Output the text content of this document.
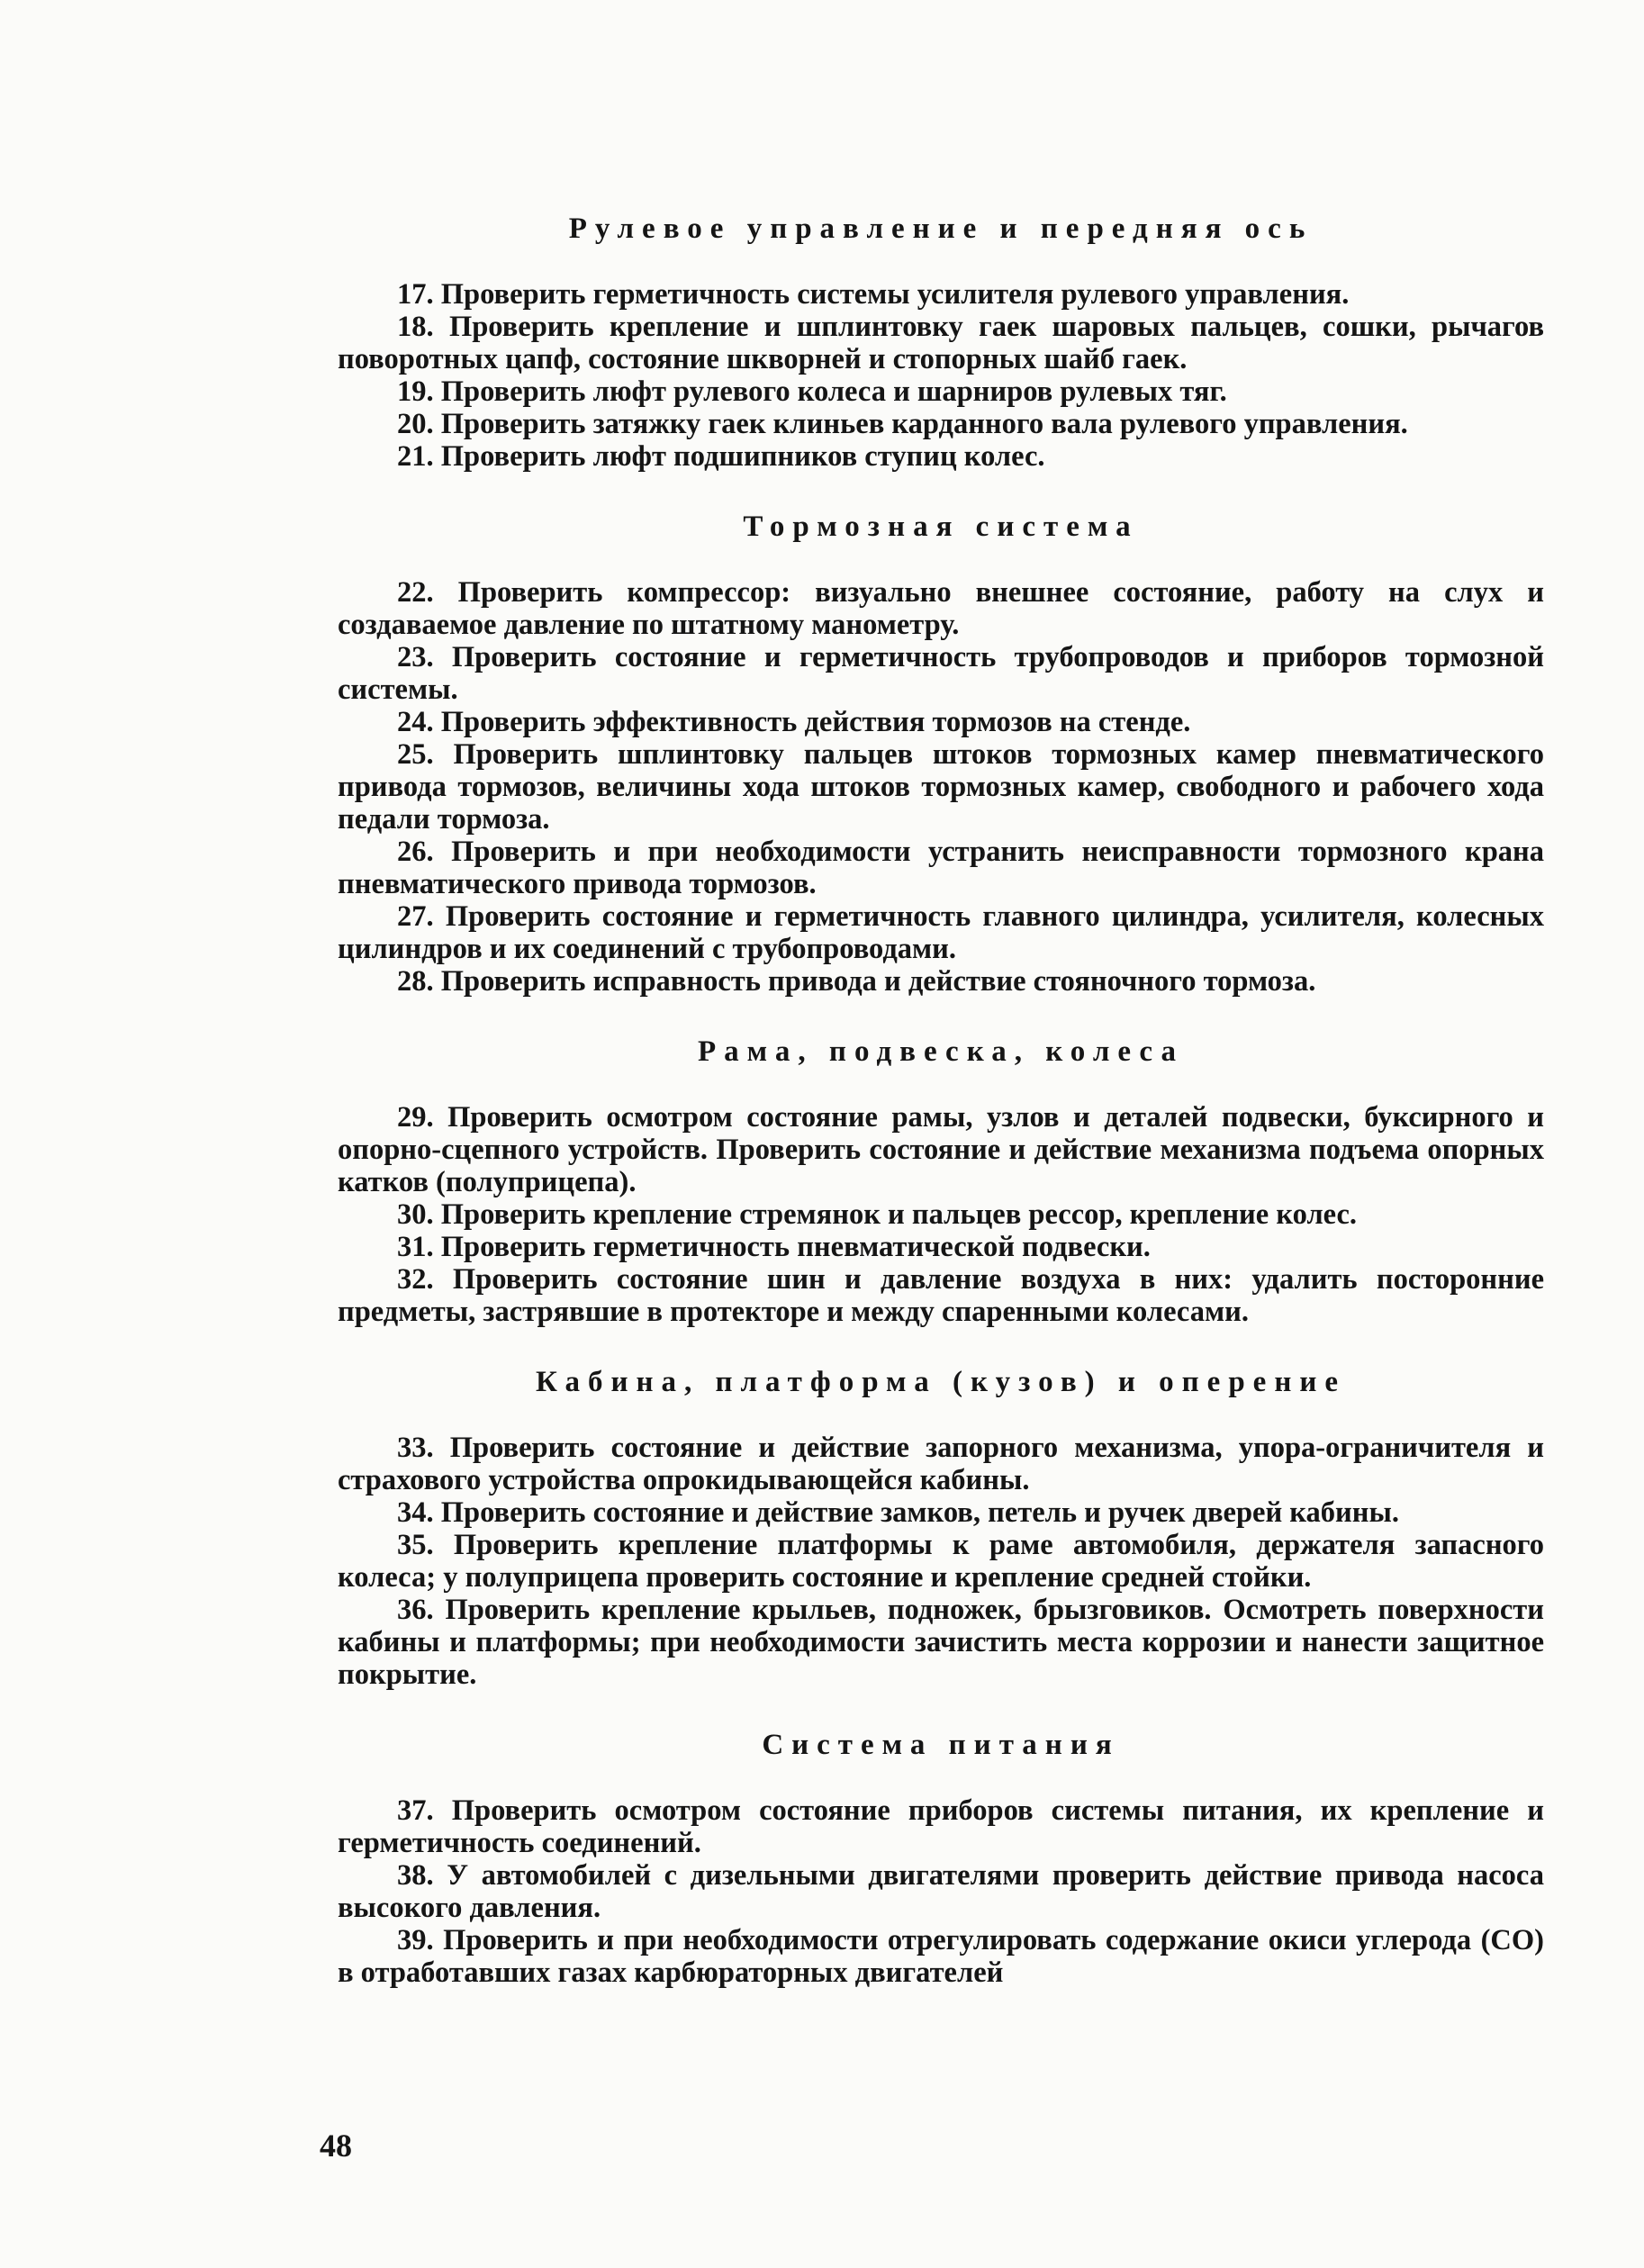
Рулевое управление и передняя ось

17. Проверить герметичность системы усилителя рулевого управления.

18. Проверить крепление и шплинтовку гаек шаровых пальцев, сошки, рычагов поворотных цапф, состояние шкворней и стопорных шайб гаек.

19. Проверить люфт рулевого колеса и шарниров рулевых тяг.

20. Проверить затяжку гаек клиньев карданного вала рулевого управления.

21. Проверить люфт подшипников ступиц колес.

Тормозная система

22. Проверить компрессор: визуально внешнее состояние, работу на слух и создаваемое давление по штатному манометру.

23. Проверить состояние и герметичность трубопроводов и приборов тормозной системы.

24. Проверить эффективность действия тормозов на стенде.

25. Проверить шплинтовку пальцев штоков тормозных камер пневматического привода тормозов, величины хода штоков тормозных камер, свободного и рабочего хода педали тормоза.

26. Проверить и при необходимости устранить неисправности тормозного крана пневматического привода тормозов.

27. Проверить состояние и герметичность главного цилиндра, усилителя, колесных цилиндров и их соединений с трубопроводами.

28. Проверить исправность привода и действие стояночного тормоза.

Рама, подвеска, колеса

29. Проверить осмотром состояние рамы, узлов и деталей подвески, буксирного и опорно-сцепного устройств. Проверить состояние и действие механизма подъема опорных катков (полуприцепа).

30. Проверить крепление стремянок и пальцев рессор, крепление колес.

31. Проверить герметичность пневматической подвески.

32. Проверить состояние шин и давление воздуха в них: удалить посторонние предметы, застрявшие в протекторе и между спаренными колесами.

Кабина, платформа (кузов) и оперение

33. Проверить состояние и действие запорного механизма, упора-ограничителя и страхового устройства опрокидывающейся кабины.

34. Проверить состояние и действие замков, петель и ручек дверей кабины.

35. Проверить крепление платформы к раме автомобиля, держателя запасного колеса; у полуприцепа проверить состояние и крепление средней стойки.

36. Проверить крепление крыльев, подножек, брызговиков. Осмотреть поверхности кабины и платформы; при необходимости зачистить места коррозии и нанести защитное покрытие.

Система питания

37. Проверить осмотром состояние приборов системы питания, их крепление и герметичность соединений.

38. У автомобилей с дизельными двигателями проверить действие привода насоса высокого давления.

39. Проверить и при необходимости отрегулировать содержание окиси углерода (СО) в отработавших газах карбюраторных двигателей

48
